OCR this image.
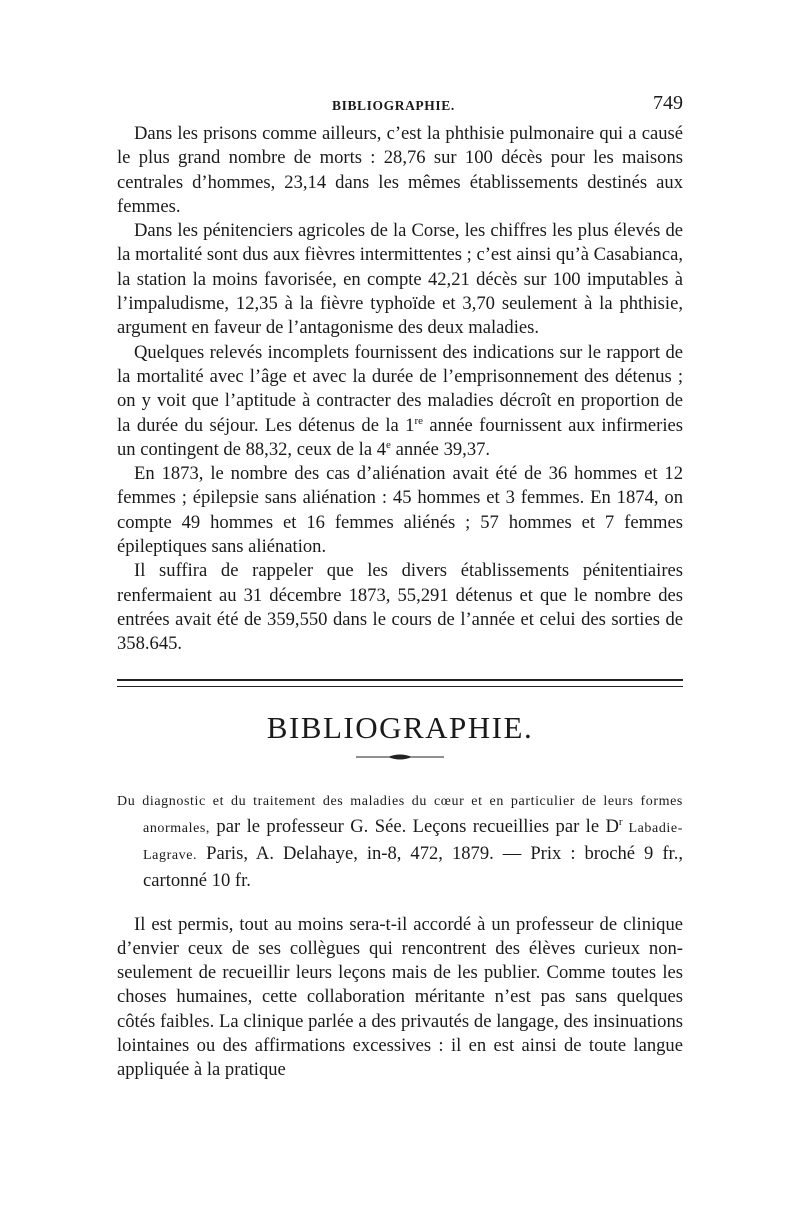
BIBLIOGRAPHIE.	749

Dans les prisons comme ailleurs, c’est la phthisie pulmonaire qui a causé le plus grand nombre de morts : 28,76 sur 100 décès pour les maisons centrales d’hommes, 23,14 dans les mêmes établissements destinés aux femmes.

Dans les pénitenciers agricoles de la Corse, les chiffres les plus élevés de la mortalité sont dus aux fièvres intermittentes ; c’est ainsi qu’à Casabianca, la station la moins favorisée, en compte 42,21 décès sur 100 imputables à l’impaludisme, 12,35 à la fièvre typhoïde et 3,70 seulement à la phthisie, argument en faveur de l’antagonisme des deux maladies.

Quelques relevés incomplets fournissent des indications sur le rapport de la mortalité avec l’âge et avec la durée de l’emprisonnement des détenus ; on y voit que l’aptitude à contracter des maladies décroît en proportion de la durée du séjour. Les détenus de la 1re année fournissent aux infirmeries un contingent de 88,32, ceux de la 4e année 39,37.

En 1873, le nombre des cas d’aliénation avait été de 36 hommes et 12 femmes ; épilepsie sans aliénation : 45 hommes et 3 femmes. En 1874, on compte 49 hommes et 16 femmes aliénés ; 57 hommes et 7 femmes épileptiques sans aliénation.

Il suffira de rappeler que les divers établissements pénitentiaires renfermaient au 31 décembre 1873, 55,291 détenus et que le nombre des entrées avait été de 359,550 dans le cours de l’année et celui des sorties de 358.645.

BIBLIOGRAPHIE.

Du diagnostic et du traitement des maladies du cœur et en particulier de leurs formes anormales, par le professeur G. Sée. Leçons recueillies par le $D^r$ Labadie-Lagrave. Paris, A. Delahaye, in-8, 472, 1879. — Prix : broché 9 fr., cartonné 10 fr.

Il est permis, tout au moins sera-t-il accordé à un professeur de clinique d’envier ceux de ses collègues qui rencontrent des élèves curieux non-seulement de recueillir leurs leçons mais de les publier. Comme toutes les choses humaines, cette collaboration méritante n’est pas sans quelques côtés faibles. La clinique parlée a des privautés de langage, des insinuations lointaines ou des affirmations excessives : il en est ainsi de toute langue appliquée à la pratique
